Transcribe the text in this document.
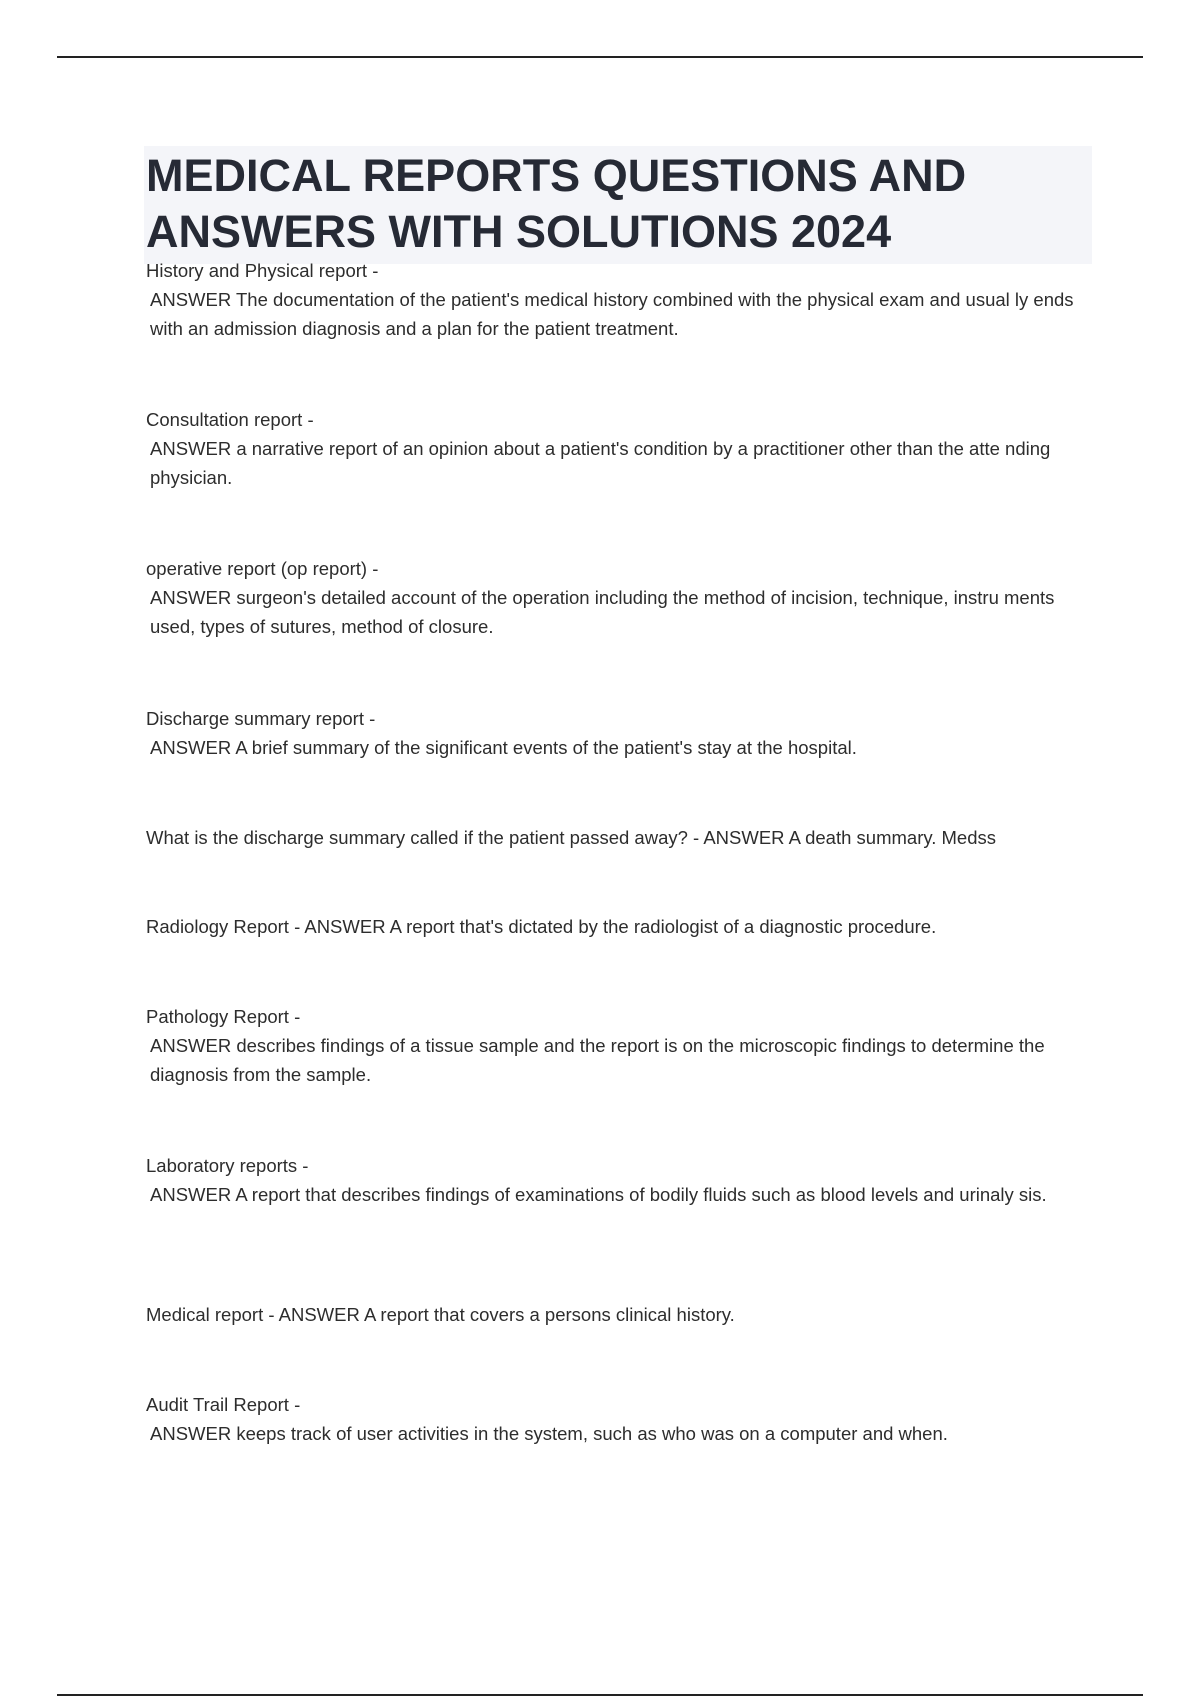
MEDICAL REPORTS QUESTIONS AND ANSWERS WITH SOLUTIONS 2024
History and Physical report -
ANSWER The documentation of the patient's medical history combined with the physical exam and usual ly ends with an admission diagnosis and a plan for the patient treatment.
Consultation report -
ANSWER a narrative report of an opinion about a patient's condition by a practitioner other than the atte nding physician.
operative report (op report) -
ANSWER surgeon's detailed account of the operation including the method of incision, technique, instru ments used, types of sutures, method of closure.
Discharge summary report -
ANSWER A brief summary of the significant events of the patient's stay at the hospital.
What is the discharge summary called if the patient passed away? - ANSWER A death summary. Medss
Radiology Report - ANSWER A report that's dictated by the radiologist of a diagnostic procedure.
Pathology Report -
ANSWER describes findings of a tissue sample and the report is on the microscopic findings to determine the diagnosis from the sample.
Laboratory reports -
ANSWER A report that describes findings of examinations of bodily fluids such as blood levels and urinaly sis.
Medical report - ANSWER A report that covers a persons clinical history.
Audit Trail Report -
ANSWER keeps track of user activities in the system, such as who was on a computer and when.
